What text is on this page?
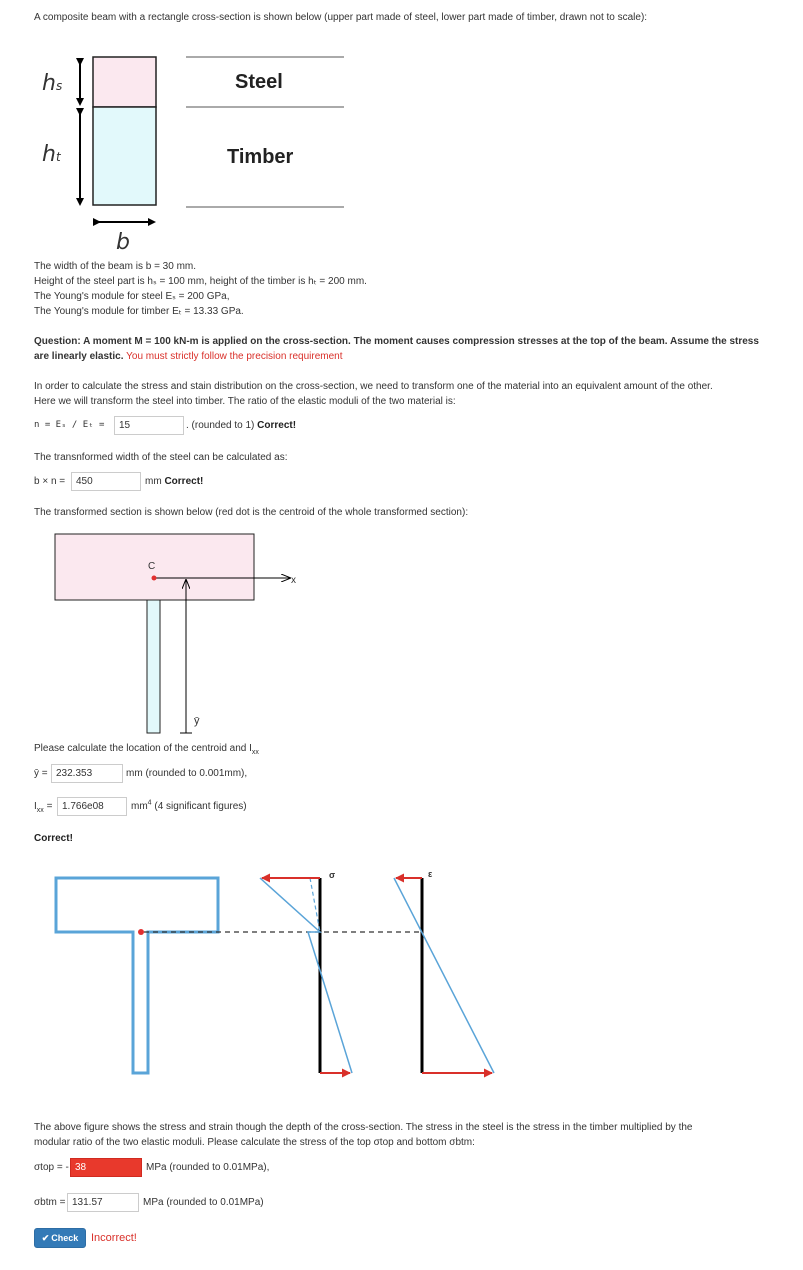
A composite beam with a rectangle cross-section is shown below (upper part made of steel, lower part made of timber, drawn not to scale):
hs
ht
b
Steel
Timber
The width of the beam is b = 30 mm.
Height of the steel part is hₛ = 100 mm, height of the timber is hₜ = 200 mm.
The Young's module for steel Eₛ = 200 GPa,
The Young's module for timber Eₜ = 13.33 GPa.
Question: A moment M = 100 kN-m is applied on the cross-section. The moment causes compression stresses at the top of the beam. Assume the stress are linearly elastic. You must strictly follow the precision requirement
In order to calculate the stress and stain distribution on the cross-section, we need to transform one of the material into an equivalent amount of the other.
Here we will transform the steel into timber. The ratio of the elastic moduli of the two material is:
n = Eₛ / Eₜ =
15	. (rounded to 1) Correct!
The transnformed width of the steel can be calculated as:
b × n =
450	mm Correct!
The transformed section is shown below (red dot is the centroid of the whole transformed section):
C
x
ȳ
Please calculate the location of the centroid and $I_{xx}$
ȳ =
232.353	mm (rounded to 0.001mm),
$I_{xx}$ =
1.766e08	$mm^4$ (4 significant figures)
Correct!
σ	ε
The above figure shows the stress and strain though the depth of the cross-section. The stress in the steel is the stress in the timber multiplied by the
modular ratio of the two elastic moduli. Please calculate the stress of the top σtop and bottom σbtm:
σtop = -
38	MPa (rounded to 0.01MPa),
σbtm =
131.57	MPa (rounded to 0.01MPa)
✔ Check Incorrect!
